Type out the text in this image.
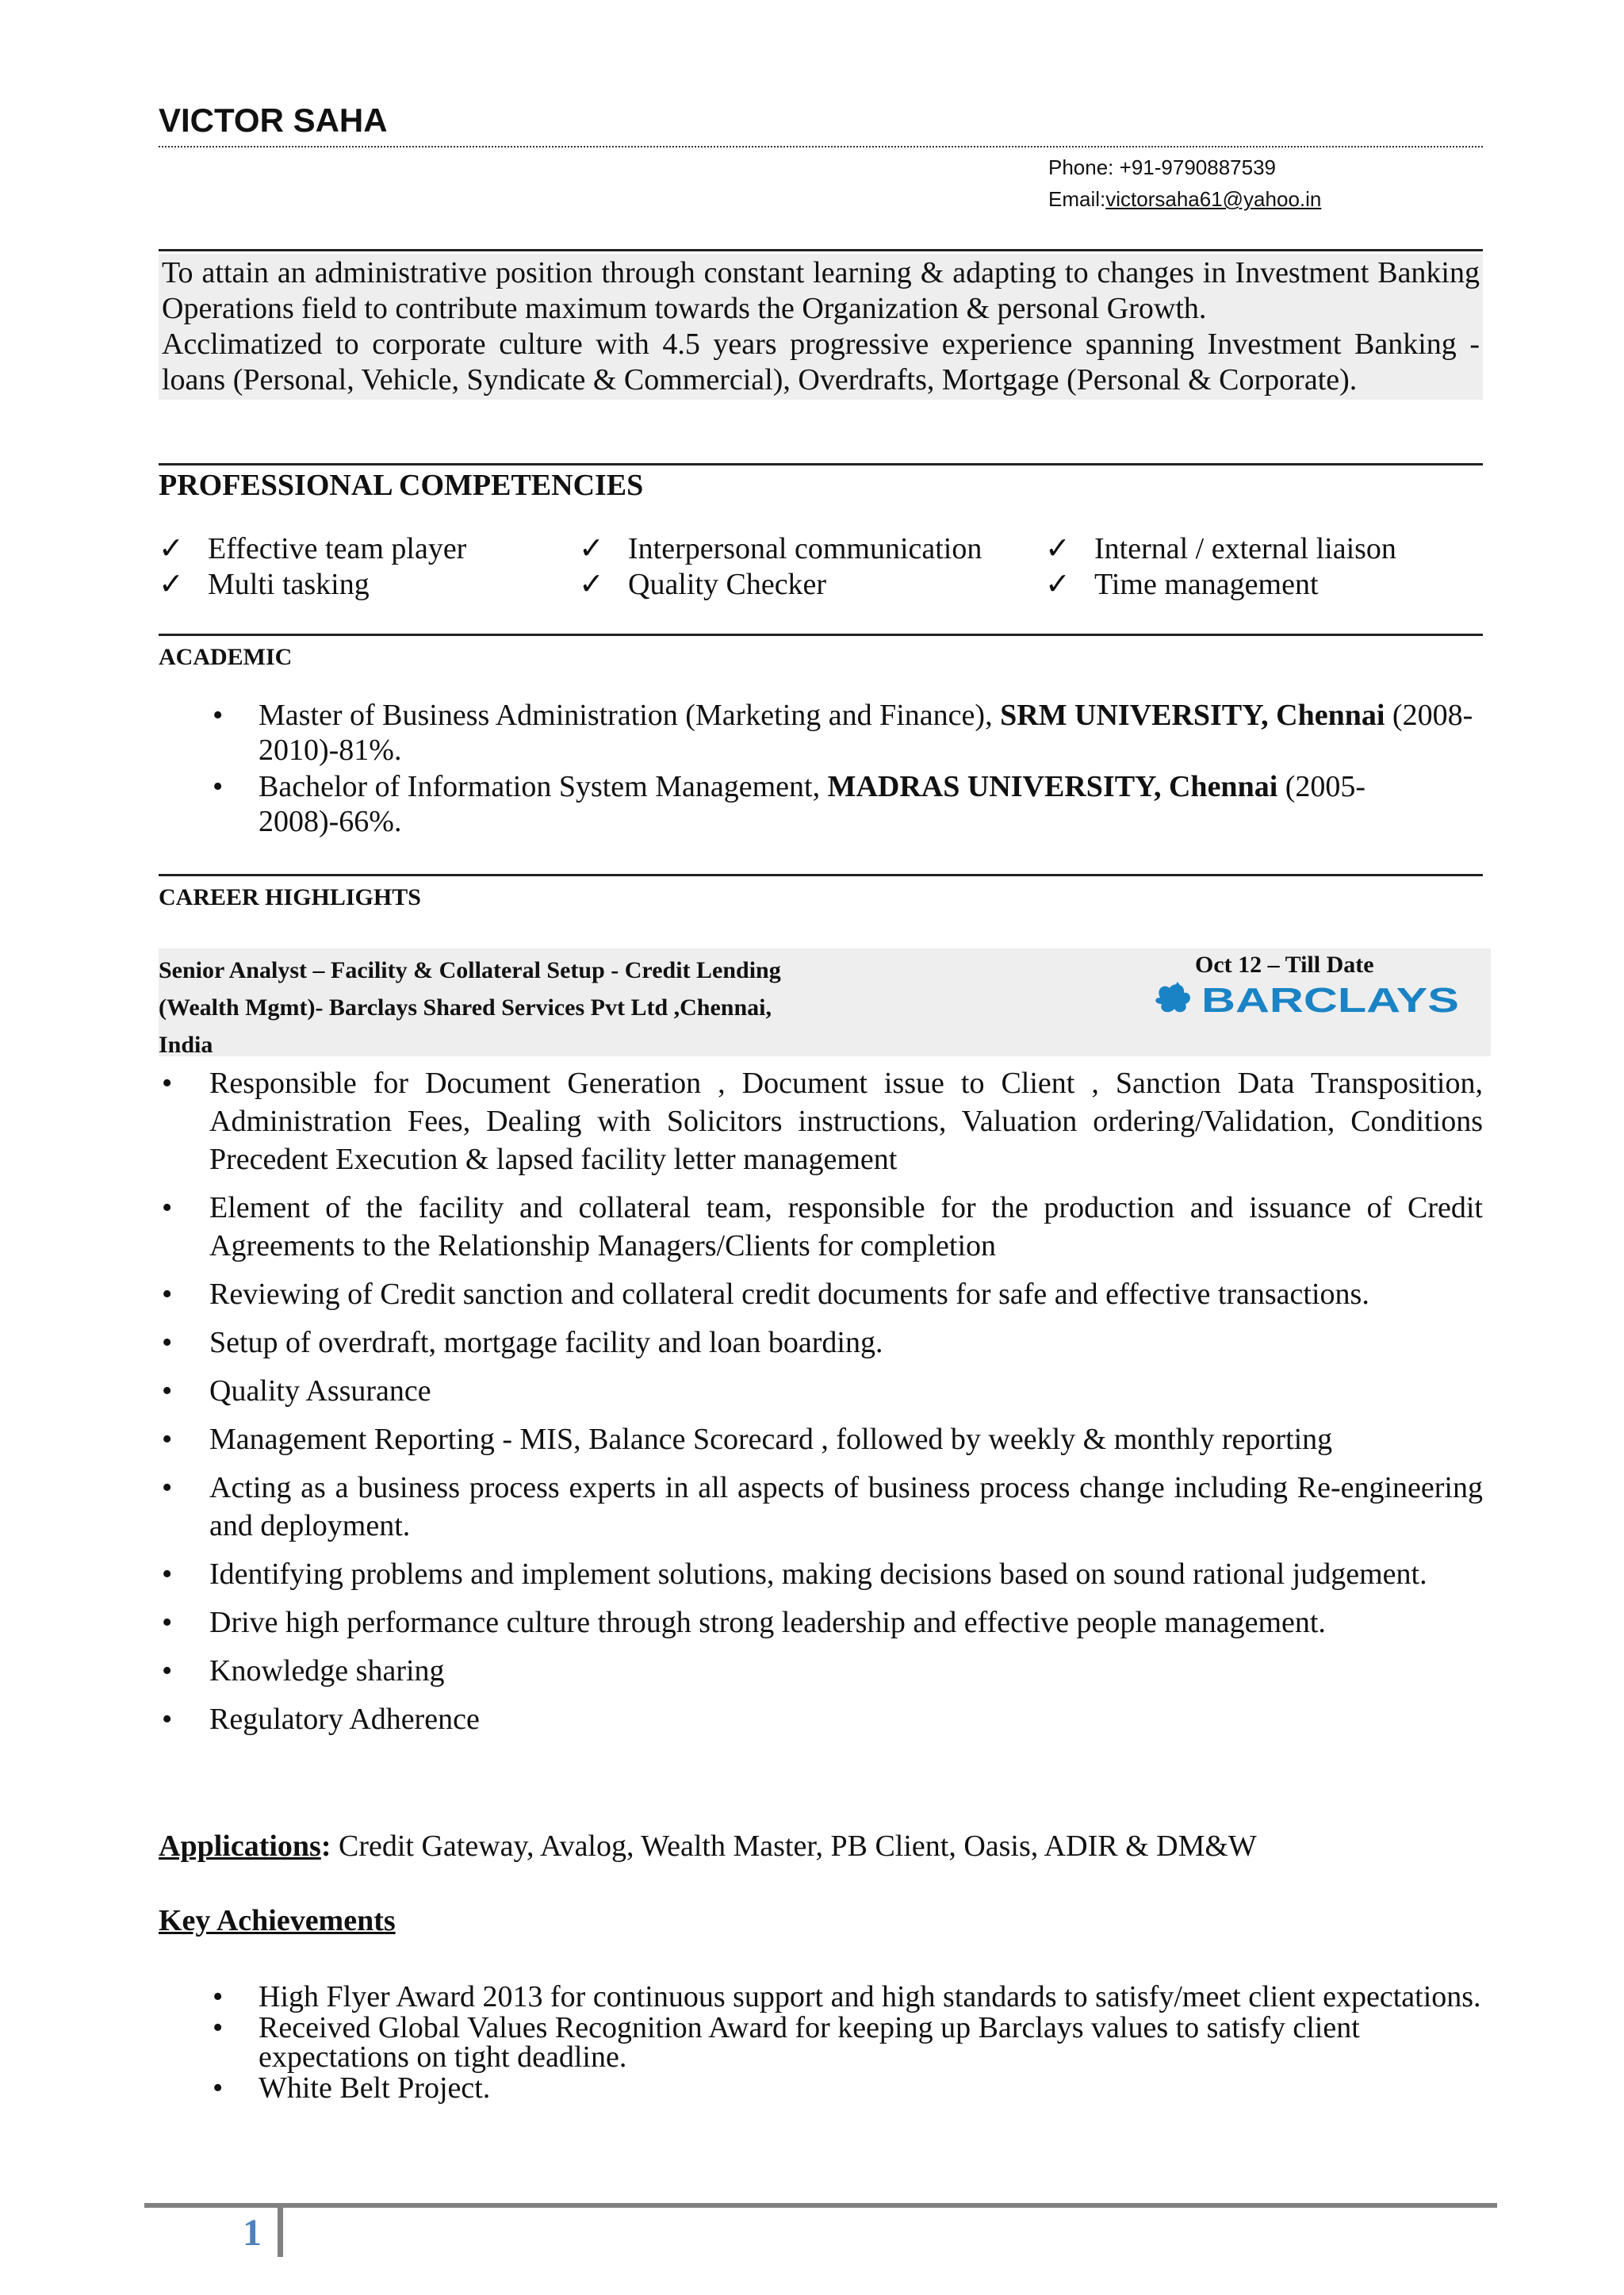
VICTOR SAHA
Phone: +91-9790887539
Email:victorsaha61@yahoo.in

To attain an administrative position through constant learning & adapting to changes in Investment Banking Operations field to contribute maximum towards the Organization & personal Growth.

Acclimatized to corporate culture with 4.5 years progressive experience spanning Investment Banking - loans (Personal, Vehicle, Syndicate & Commercial), Overdrafts, Mortgage (Personal & Corporate).

PROFESSIONAL COMPETENCIES
✓ Effective team player	✓ Interpersonal communication ✓ Internal / external liaison
✓ Multi tasking	✓ Quality Checker	✓ Time management
ACADEMIC
• Master of Business Administration (Marketing and Finance), SRM UNIVERSITY, Chennai (2008-2010)-81%.
• Bachelor of Information System Management, MADRAS UNIVERSITY, Chennai (2005-2008)-66%.
CAREER HIGHLIGHTS
Senior Analyst – Facility & Collateral Setup - Credit Lending
(Wealth Mgmt)- Barclays Shared Services Pvt Ltd ,Chennai,
India
Oct 12 – Till Date
BARCLAYS
• Responsible for Document Generation , Document issue to Client , Sanction Data Transposition, Administration Fees, Dealing with Solicitors instructions, Valuation ordering/Validation, Conditions Precedent Execution & lapsed facility letter management
• Element of the facility and collateral team, responsible for the production and issuance of Credit Agreements to the Relationship Managers/Clients for completion
• Reviewing of Credit sanction and collateral credit documents for safe and effective transactions.
• Setup of overdraft, mortgage facility and loan boarding.
• Quality Assurance
• Management Reporting - MIS, Balance Scorecard , followed by weekly & monthly reporting
• Acting as a business process experts in all aspects of business process change including Re-engineering and deployment.
• Identifying problems and implement solutions, making decisions based on sound rational judgement.
• Drive high performance culture through strong leadership and effective people management.
• Knowledge sharing
• Regulatory Adherence
Applications: Credit Gateway, Avalog, Wealth Master, PB Client, Oasis, ADIR & DM&W
Key Achievements
• High Flyer Award 2013 for continuous support and high standards to satisfy/meet client expectations.
• Received Global Values Recognition Award for keeping up Barclays values to satisfy client expectations on tight deadline.
• White Belt Project.
1
